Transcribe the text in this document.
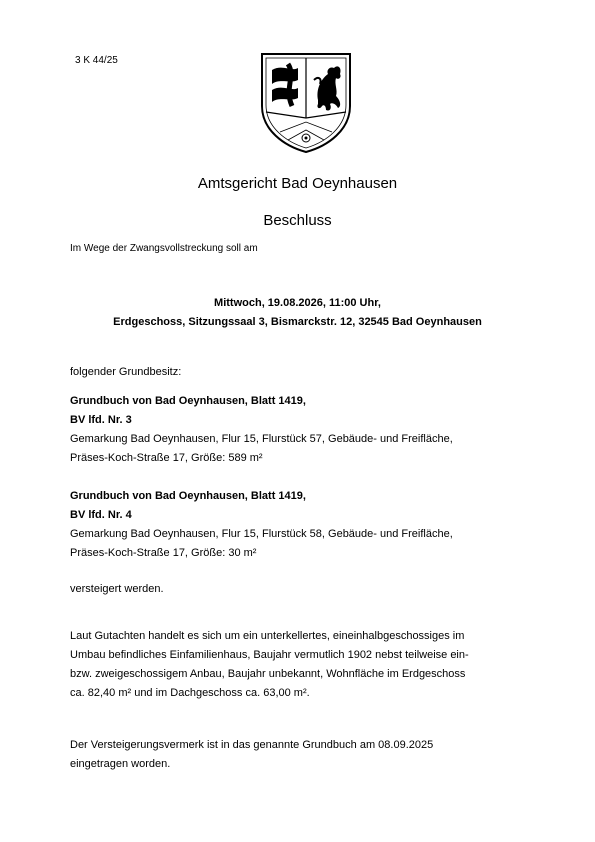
3 K 44/25
Amtsgericht Bad Oeynhausen
Beschluss
Im Wege der Zwangsvollstreckung soll am
Mittwoch, 19.08.2026, 11:00 Uhr,
Erdgeschoss, Sitzungssaal 3, Bismarckstr. 12, 32545 Bad Oeynhausen
folgender Grundbesitz:
Grundbuch von Bad Oeynhausen, Blatt 1419,
BV lfd. Nr. 3
Gemarkung Bad Oeynhausen, Flur 15, Flurstück 57, Gebäude- und Freifläche,
Präses-Koch-Straße 17, Größe: 589 m²
Grundbuch von Bad Oeynhausen, Blatt 1419,
BV lfd. Nr. 4
Gemarkung Bad Oeynhausen, Flur 15, Flurstück 58, Gebäude- und Freifläche,
Präses-Koch-Straße 17, Größe: 30 m²
versteigert werden.
Laut Gutachten handelt es sich um ein unterkellertes, eineinhalbgeschossiges im
Umbau befindliches Einfamilienhaus, Baujahr vermutlich 1902 nebst teilweise ein-
bzw. zweigeschossigem Anbau, Baujahr unbekannt, Wohnfläche im Erdgeschoss
ca. 82,40 m² und im Dachgeschoss ca. 63,00 m².
Der Versteigerungsvermerk ist in das genannte Grundbuch am 08.09.2025
eingetragen worden.
